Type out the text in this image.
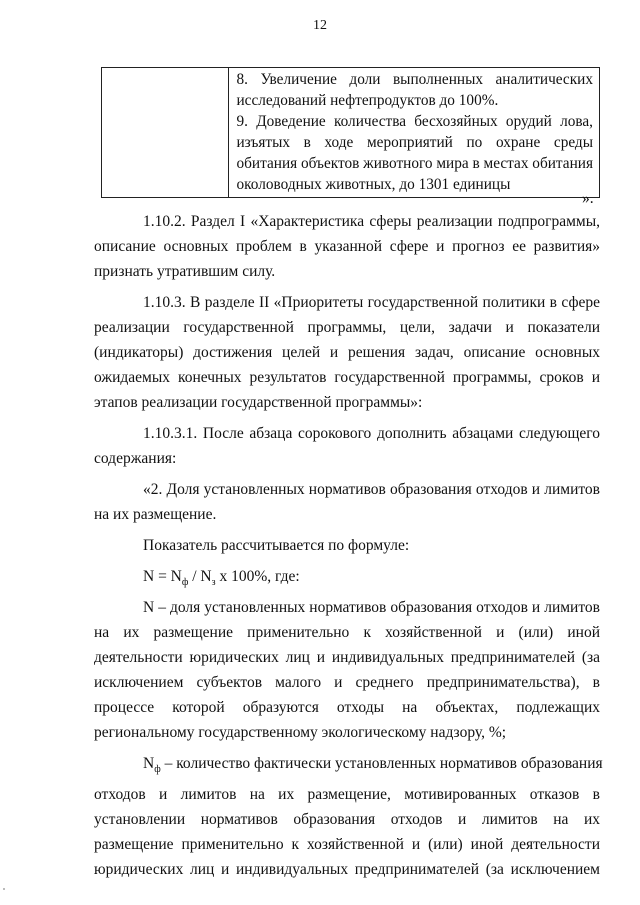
12

8. Увеличение доли выполненных аналитических
исследований нефтепродуктов до 100%.
9. Доведение количества бесхозяйных орудий лова,
изъятых в ходе мероприятий по охране среды
обитания объектов животного мира в местах обитания
околоводных животных, до 1301 единицы
».

1.10.2. Раздел I «Характеристика сферы реализации подпрограммы,
описание основных проблем в указанной сфере и прогноз ее развития»
признать утратившим силу.

1.10.3. В разделе II «Приоритеты государственной политики в сфере
реализации государственной программы, цели, задачи и показатели
(индикаторы) достижения целей и решения задач, описание основных
ожидаемых конечных результатов государственной программы, сроков и
этапов реализации государственной программы»:

1.10.3.1. После абзаца сорокового дополнить абзацами следующего
содержания:

«2. Доля установленных нормативов образования отходов и лимитов
на их размещение.

Показатель рассчитывается по формуле:

$N = N_ф / N_з$ x 100%, где:

N – доля установленных нормативов образования отходов и лимитов
на их размещение применительно к хозяйственной и (или) иной
деятельности юридических лиц и индивидуальных предпринимателей (за
исключением субъектов малого и среднего предпринимательства), в
процессе которой образуются отходы на объектах, подлежащих
региональному государственному экологическому надзору, %;

$N_ф$ – количество фактически установленных нормативов образования
отходов и лимитов на их размещение, мотивированных отказов в
установлении нормативов образования отходов и лимитов на их
размещение применительно к хозяйственной и (или) иной деятельности
юридических лиц и индивидуальных предпринимателей (за исключением
